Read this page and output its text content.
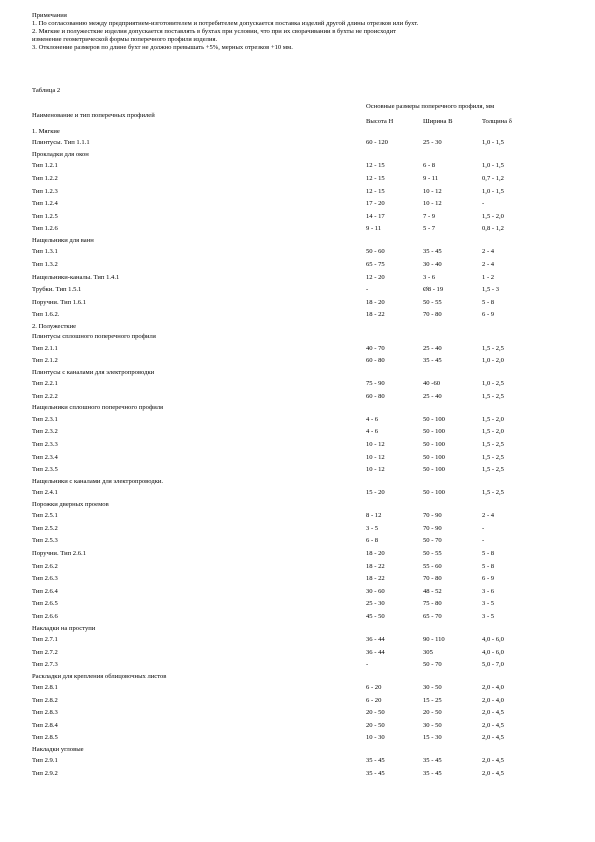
Примечания
1. По согласованию между предприятием-изготовителем и потребителем допускается поставка изделий другой длины отрезков или бухт.
2. Мягкие и полужесткие изделия допускается поставлять в бухтах при условии, что при их сворачивании в бухты не происходит
изменение геометрической формы поперечного профиля изделия.
3. Отклонение размеров по длине бухт не должно превышать +5%, мерных отрезков +10 мм.
Таблица 2
Наименование и тип поперечных профилей
Основные размеры поперечного профиля, мм
Высота Н	Ширина В	Толщина δ
1. Мягкие
Плинтусы. Тип 1.1.1	60 - 120	25 - 30	1,0 - 1,5
Прокладки для окон
Тип 1.2.1	12 - 15	6 - 8	1,0 - 1,5
Тип 1.2.2	12 - 15	9 - 11	0,7 - 1,2
Тип 1.2.3	12 - 15	10 - 12	1,0 - 1,5
Тип 1.2.4	17 - 20	10 - 12	-
Тип 1.2.5	14 - 17	7 - 9	1,5 - 2,0
Тип 1.2.6	9 - 11	5 - 7	0,8 - 1,2
Нащельники для ванн
Тип 1.3.1	50 - 60	35 - 45	2 - 4
Тип 1.3.2	65 - 75	30 - 40	2 - 4
Нащельники-каналы. Тип 1.4.1	12 - 20	3 - 6	1 - 2
Трубки. Тип 1.5.1	-	Ø8 - 19	1,5 - 3
Поручни. Тип 1.6.1	18 - 20	50 - 55	5 - 8
Тип 1.6.2.	18 - 22	70 - 80	6 - 9
2. Полужесткие
Плинтусы сплошного поперечного профиля
Тип 2.1.1	40 - 70	25 - 40	1,5 - 2,5
Тип 2.1.2	60 - 80	35 - 45	1,0 - 2,0
Плинтусы с каналами для электропроводки
Тип 2.2.1	75 - 90	40 -60	1,0 - 2,5
Тип 2.2.2	60 - 80	25 - 40	1,5 - 2,5
Нащельники сплошного поперечного профиля
Тип 2.3.1	4 - 6	50 - 100	1,5 - 2,0
Тип 2.3.2	4 - 6	50 - 100	1,5 - 2,0
Тип 2.3.3	10 - 12	50 - 100	1,5 - 2,5
Тип 2.3.4	10 - 12	50 - 100	1,5 - 2,5
Тип 2.3.5	10 - 12	50 - 100	1,5 - 2,5
Нащельники с каналами для электропроводки.
Тип 2.4.1	15 - 20	50 - 100	1,5 - 2,5
Порожки дверных проемов
Тип 2.5.1	8 - 12	70 - 90	2 - 4
Тип 2.5.2	3 - 5	70 - 90	-
Тип 2.5.3	6 - 8	50 - 70	-
Поручни. Тип 2.6.1	18 - 20	50 - 55	5 - 8
Тип 2.6.2	18 - 22	55 - 60	5 - 8
Тип 2.6.3	18 - 22	70 - 80	6 - 9
Тип 2.6.4	30 - 60	48 - 52	3 - 6
Тип 2.6.5	25 - 30	75 - 80	3 - 5
Тип 2.6.6	45 - 50	65 - 70	3 - 5
Накладки на проступи
Тип 2.7.1	36 - 44	90 - 110	4,0 - 6,0
Тип 2.7.2	36 - 44	305	4,0 - 6,0
Тип 2.7.3	-	50 - 70	5,0 - 7,0
Раскладки для крепления облицовочных листов
Тип 2.8.1	6 - 20	30 - 50	2,0 - 4,0
Тип 2.8.2	6 - 20	15 - 25	2,0 - 4,0
Тип 2.8.3	20 - 50	20 - 50	2,0 - 4,5
Тип 2.8.4	20 - 50	30 - 50	2,0 - 4,5
Тип 2.8.5	10 - 30	15 - 30	2,0 - 4,5
Накладки угловые
Тип 2.9.1	35 - 45	35 - 45	2,0 - 4,5
Тип 2.9.2	35 - 45	35 - 45	2,0 - 4,5
